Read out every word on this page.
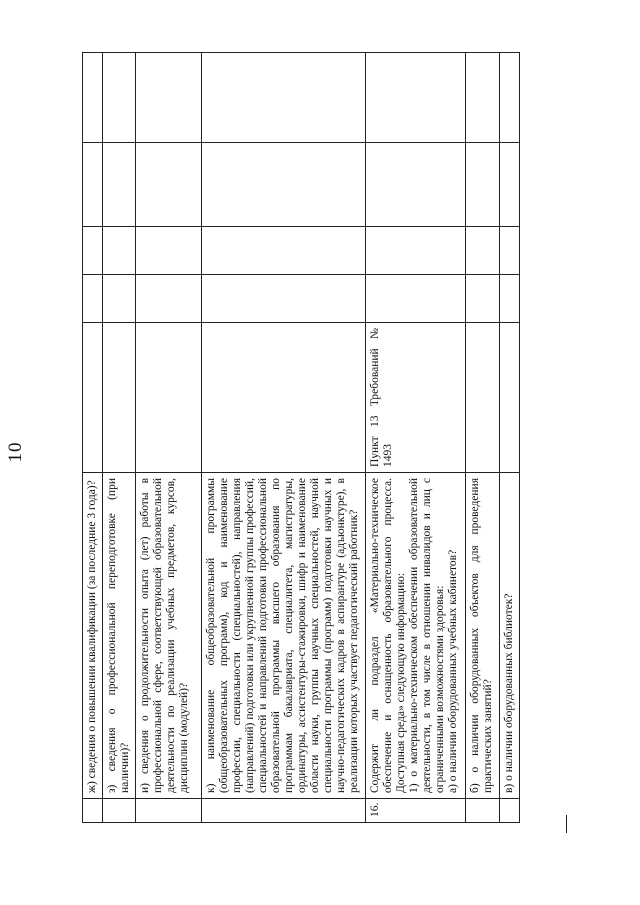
10
	ж) сведения о повышении квалификации (за последние 3 года)?					
	з) сведения о профессиональной переподготовке (при наличии)?					
	и) сведения о продолжительности опыта (лет) работы в профессиональной сфере, соответствующей образовательной деятельности по реализации учебных предметов, курсов, дисциплин (модулей)?					
	к) наименование общеобразовательной программы (общеобразовательных программ), код и наименование профессии, специальности (специальностей), направления (направлений) подготовки или укрупненной группы профессий, специальностей и направлений подготовки профессиональной образовательной программы высшего образования по программам бакалавриата, специалитета, магистратуры, ординатуры, ассистентуры-стажировки, шифр и наименование области науки, группы научных специальностей, научной специальности программы (программ) подготовки научных и научно-педагогических кадров в аспирантуре (адъюнктуре), в реализации которых участвует педагогический работник?					
16.	Содержит ли подраздел «Материально-техническое обеспечение и оснащенность образовательного процесса. Доступная среда» следующую информацию:
1) о материально-техническом обеспечении образовательной деятельности, в том числе в отношении инвалидов и лиц с ограниченными возможностями здоровья:
а) о наличии оборудованных учебных кабинетов?	Пункт 13 Требований № 1493				
	б) о наличии оборудованных объектов для проведения практических занятий?					
	в) о наличии оборудованных библиотек?					
